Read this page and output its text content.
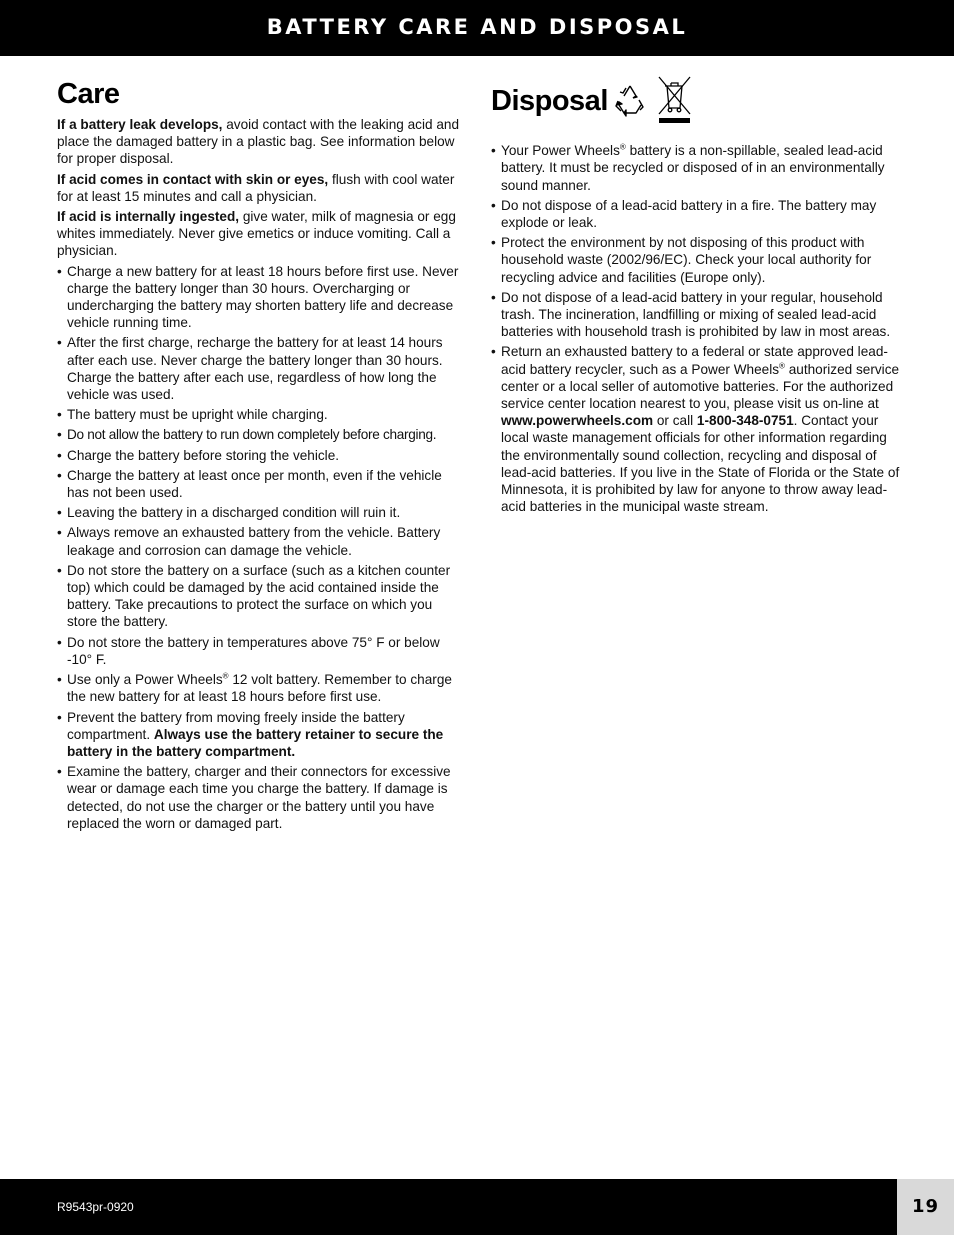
BATTERY CARE AND DISPOSAL
Care

If a battery leak develops, avoid contact with the leaking acid and place the damaged battery in a plastic bag. See information below for proper disposal.

If acid comes in contact with skin or eyes, flush with cool water for at least 15 minutes and call a physician.

If acid is internally ingested, give water, milk of magnesia or egg whites immediately. Never give emetics or induce vomiting. Call a physician.

• Charge a new battery for at least 18 hours before first use. Never charge the battery longer than 30 hours. Overcharging or undercharging the battery may shorten battery life and decrease vehicle running time.
• After the first charge, recharge the battery for at least 14 hours after each use. Never charge the battery longer than 30 hours. Charge the battery after each use, regardless of how long the vehicle was used.
• The battery must be upright while charging.
• Do not allow the battery to run down completely before charging.
• Charge the battery before storing the vehicle.
• Charge the battery at least once per month, even if the vehicle has not been used.
• Leaving the battery in a discharged condition will ruin it.
• Always remove an exhausted battery from the vehicle. Battery leakage and corrosion can damage the vehicle.
• Do not store the battery on a surface (such as a kitchen counter top) which could be damaged by the acid contained inside the battery. Take precautions to protect the surface on which you store the battery.
• Do not store the battery in temperatures above 75° F or below -10° F.
• Use only a Power Wheels® 12 volt battery. Remember to charge the new battery for at least 18 hours before first use.
• Prevent the battery from moving freely inside the battery compartment. Always use the battery retainer to secure the battery in the battery compartment.
• Examine the battery, charger and their connectors for excessive wear or damage each time you charge the battery. If damage is detected, do not use the charger or the battery until you have replaced the worn or damaged part.
Disposal
• Your Power Wheels® battery is a non-spillable, sealed lead-acid battery. It must be recycled or disposed of in an environmentally sound manner.
• Do not dispose of a lead-acid battery in a fire. The battery may explode or leak.
• Protect the environment by not disposing of this product with household waste (2002/96/EC). Check your local authority for recycling advice and facilities (Europe only).
• Do not dispose of a lead-acid battery in your regular, household trash. The incineration, landfilling or mixing of sealed lead-acid batteries with household trash is prohibited by law in most areas.
• Return an exhausted battery to a federal or state approved lead-acid battery recycler, such as a Power Wheels® authorized service center or a local seller of automotive batteries. For the authorized service center location nearest to you, please visit us on-line at www.powerwheels.com or call 1-800-348-0751. Contact your local waste management officials for other information regarding the environmentally sound collection, recycling and disposal of lead-acid batteries. If you live in the State of Florida or the State of Minnesota, it is prohibited by law for anyone to throw away lead-acid batteries in the municipal waste stream.
R9543pr-0920	19
